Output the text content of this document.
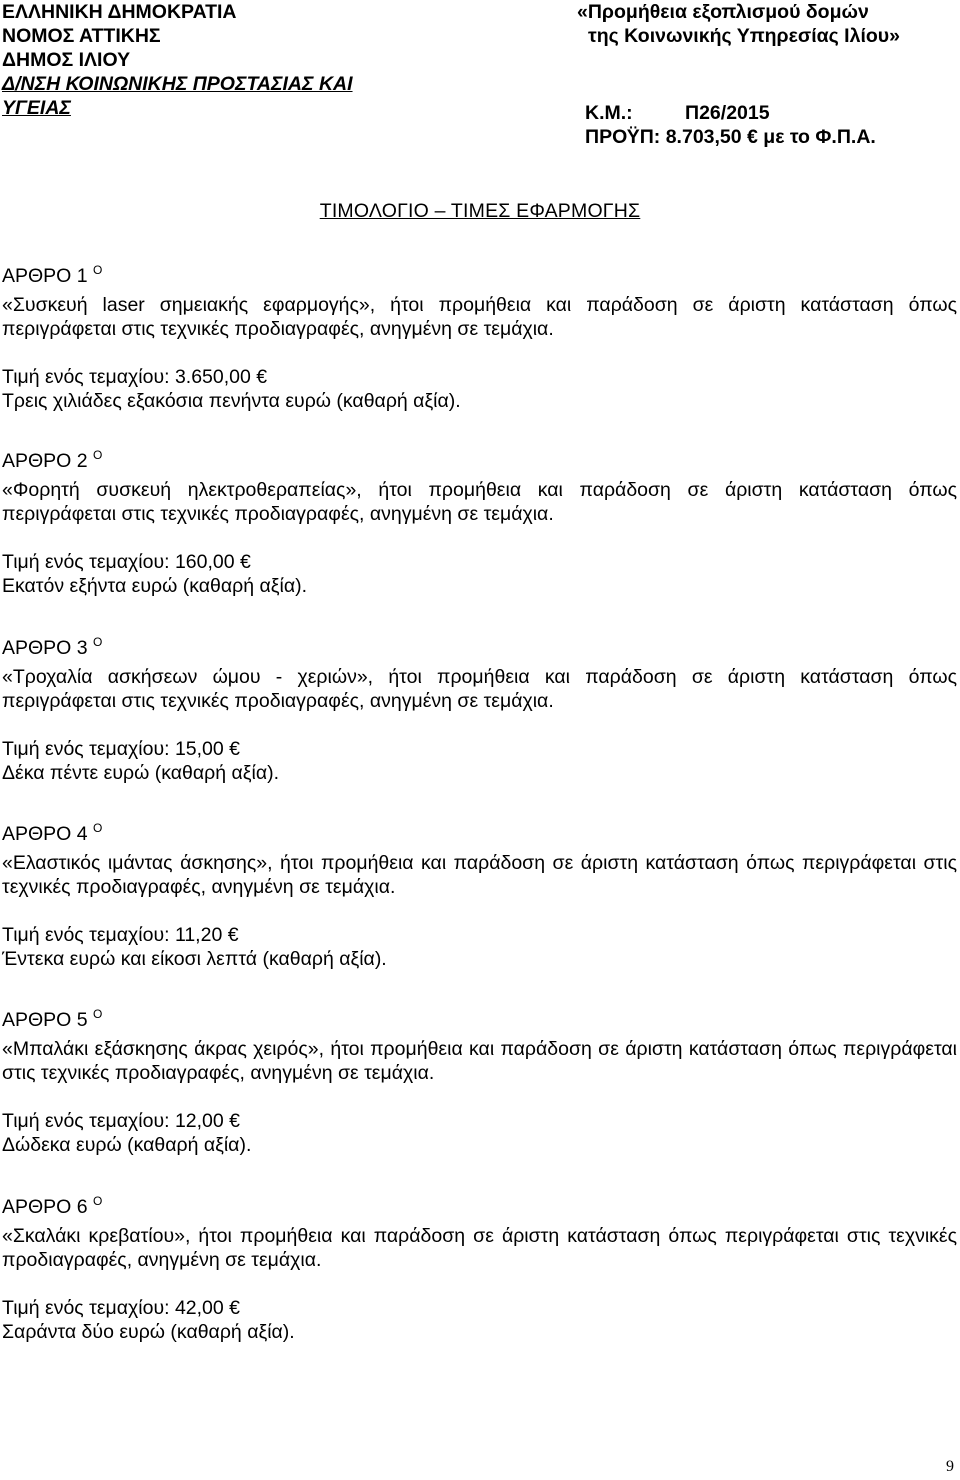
ΕΛΛΗΝΙΚΗ ΔΗΜΟΚΡΑΤΙΑ
ΝΟΜΟΣ ΑΤΤΙΚΗΣ
ΔΗΜΟΣ ΙΛΙΟΥ
Δ/ΝΣΗ ΚΟΙΝΩΝΙΚΗΣ ΠΡΟΣΤΑΣΙΑΣ ΚΑΙ
ΥΓΕΙΑΣ
«Προμήθεια εξοπλισμού δομών
της Κοινωνικής Υπηρεσίας Ιλίου»
Κ.Μ.:	Π26/2015
ΠΡΟΫΠ: 8.703,50 € με το Φ.Π.Α.
ΤΙΜΟΛΟΓΙΟ – ΤΙΜΕΣ ΕΦΑΡΜΟΓΗΣ
ΑΡΘΡΟ 1 $^O$
«Συσκευή laser σημειακής εφαρμογής», ήτοι προμήθεια και παράδοση σε άριστη κατάσταση όπως περιγράφεται στις τεχνικές προδιαγραφές, ανηγμένη σε τεμάχια.
Τιμή ενός τεμαχίου: 3.650,00 €
Τρεις χιλιάδες εξακόσια πενήντα ευρώ (καθαρή αξία).
ΑΡΘΡΟ 2 $^O$
«Φορητή συσκευή ηλεκτροθεραπείας», ήτοι προμήθεια και παράδοση σε άριστη κατάσταση όπως περιγράφεται στις τεχνικές προδιαγραφές, ανηγμένη σε τεμάχια.
Τιμή ενός τεμαχίου: 160,00 €
Εκατόν εξήντα ευρώ (καθαρή αξία).
ΑΡΘΡΟ 3 $^O$
«Τροχαλία ασκήσεων ώμου - χεριών», ήτοι προμήθεια και παράδοση σε άριστη κατάσταση όπως περιγράφεται στις τεχνικές προδιαγραφές, ανηγμένη σε τεμάχια.
Τιμή ενός τεμαχίου: 15,00 €
Δέκα πέντε ευρώ (καθαρή αξία).
ΑΡΘΡΟ 4 $^O$
«Ελαστικός ιμάντας άσκησης», ήτοι προμήθεια και παράδοση σε άριστη κατάσταση όπως περιγράφεται στις τεχνικές προδιαγραφές, ανηγμένη σε τεμάχια.
Τιμή ενός τεμαχίου: 11,20 €
Έντεκα ευρώ και είκοσι λεπτά (καθαρή αξία).
ΑΡΘΡΟ 5 $^O$
«Μπαλάκι εξάσκησης άκρας χειρός», ήτοι προμήθεια και παράδοση σε άριστη κατάσταση όπως περιγράφεται στις τεχνικές προδιαγραφές, ανηγμένη σε τεμάχια.
Τιμή ενός τεμαχίου: 12,00 €
Δώδεκα ευρώ (καθαρή αξία).
ΑΡΘΡΟ 6 $^O$
«Σκαλάκι κρεβατίου», ήτοι προμήθεια και παράδοση σε άριστη κατάσταση όπως περιγράφεται στις τεχνικές προδιαγραφές, ανηγμένη σε τεμάχια.
Τιμή ενός τεμαχίου: 42,00 €
Σαράντα δύο ευρώ (καθαρή αξία).
9
